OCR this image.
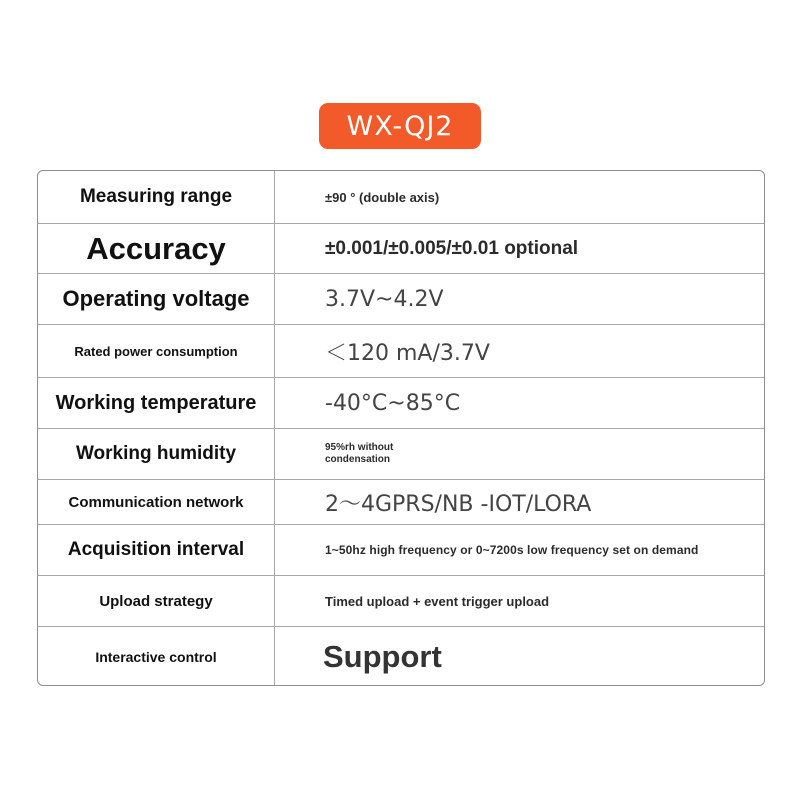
WX-QJ2
Measuring range	±90 ° (double axis)
Accuracy	±0.001/±0.005/±0.01 optional
Operating voltage	3.7V~4.2V
Rated power consumption	＜120 mA/3.7V
Working temperature	-40°C~85°C
Working humidity	95%rh without condensation
Communication network	2～4GPRS/NB -IOT/LORA
Acquisition interval	1~50hz high frequency or 0~7200s low frequency set on demand
Upload strategy	Timed upload + event trigger upload
Interactive control	Support
